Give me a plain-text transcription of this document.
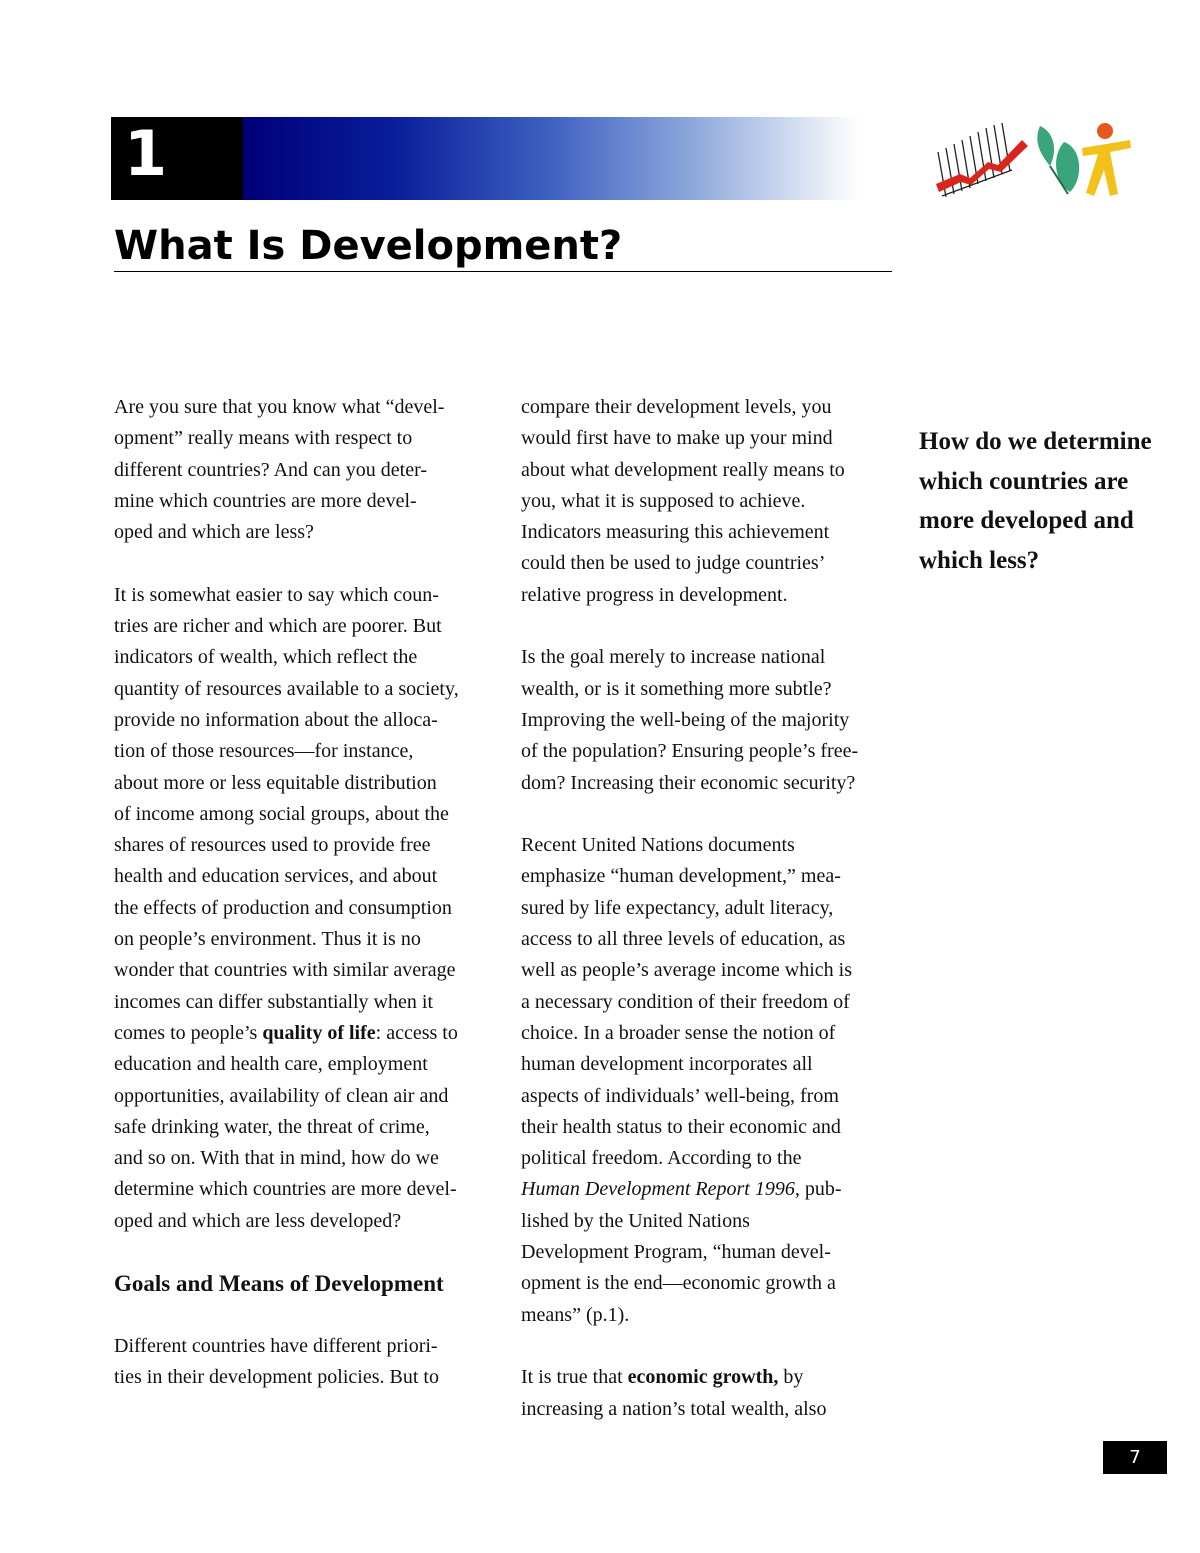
1
What Is Development?

Are you sure that you know what “devel-
opment” really means with respect to
different countries? And can you deter-
mine which countries are more devel-
oped and which are less?

It is somewhat easier to say which coun-
tries are richer and which are poorer. But
indicators of wealth, which reflect the
quantity of resources available to a society,
provide no information about the alloca-
tion of those resources—for instance,
about more or less equitable distribution
of income among social groups, about the
shares of resources used to provide free
health and education services, and about
the effects of production and consumption
on people’s environment. Thus it is no
wonder that countries with similar average
incomes can differ substantially when it
comes to people’s quality of life: access to
education and health care, employment
opportunities, availability of clean air and
safe drinking water, the threat of crime,
and so on. With that in mind, how do we
determine which countries are more devel-
oped and which are less developed?

Goals and Means of Development

Different countries have different priori-
ties in their development policies. But to

compare their development levels, you
would first have to make up your mind
about what development really means to
you, what it is supposed to achieve.
Indicators measuring this achievement
could then be used to judge countries’
relative progress in development.

Is the goal merely to increase national
wealth, or is it something more subtle?
Improving the well-being of the majority
of the population? Ensuring people’s free-
dom? Increasing their economic security?

Recent United Nations documents
emphasize “human development,” mea-
sured by life expectancy, adult literacy,
access to all three levels of education, as
well as people’s average income which is
a necessary condition of their freedom of
choice. In a broader sense the notion of
human development incorporates all
aspects of individuals’ well-being, from
their health status to their economic and
political freedom. According to the
Human Development Report 1996, pub-
lished by the United Nations
Development Program, “human devel-
opment is the end—economic growth a
means” (p.1).

It is true that economic growth, by
increasing a nation’s total wealth, also

How do we determine which countries are more developed and which less?

7
